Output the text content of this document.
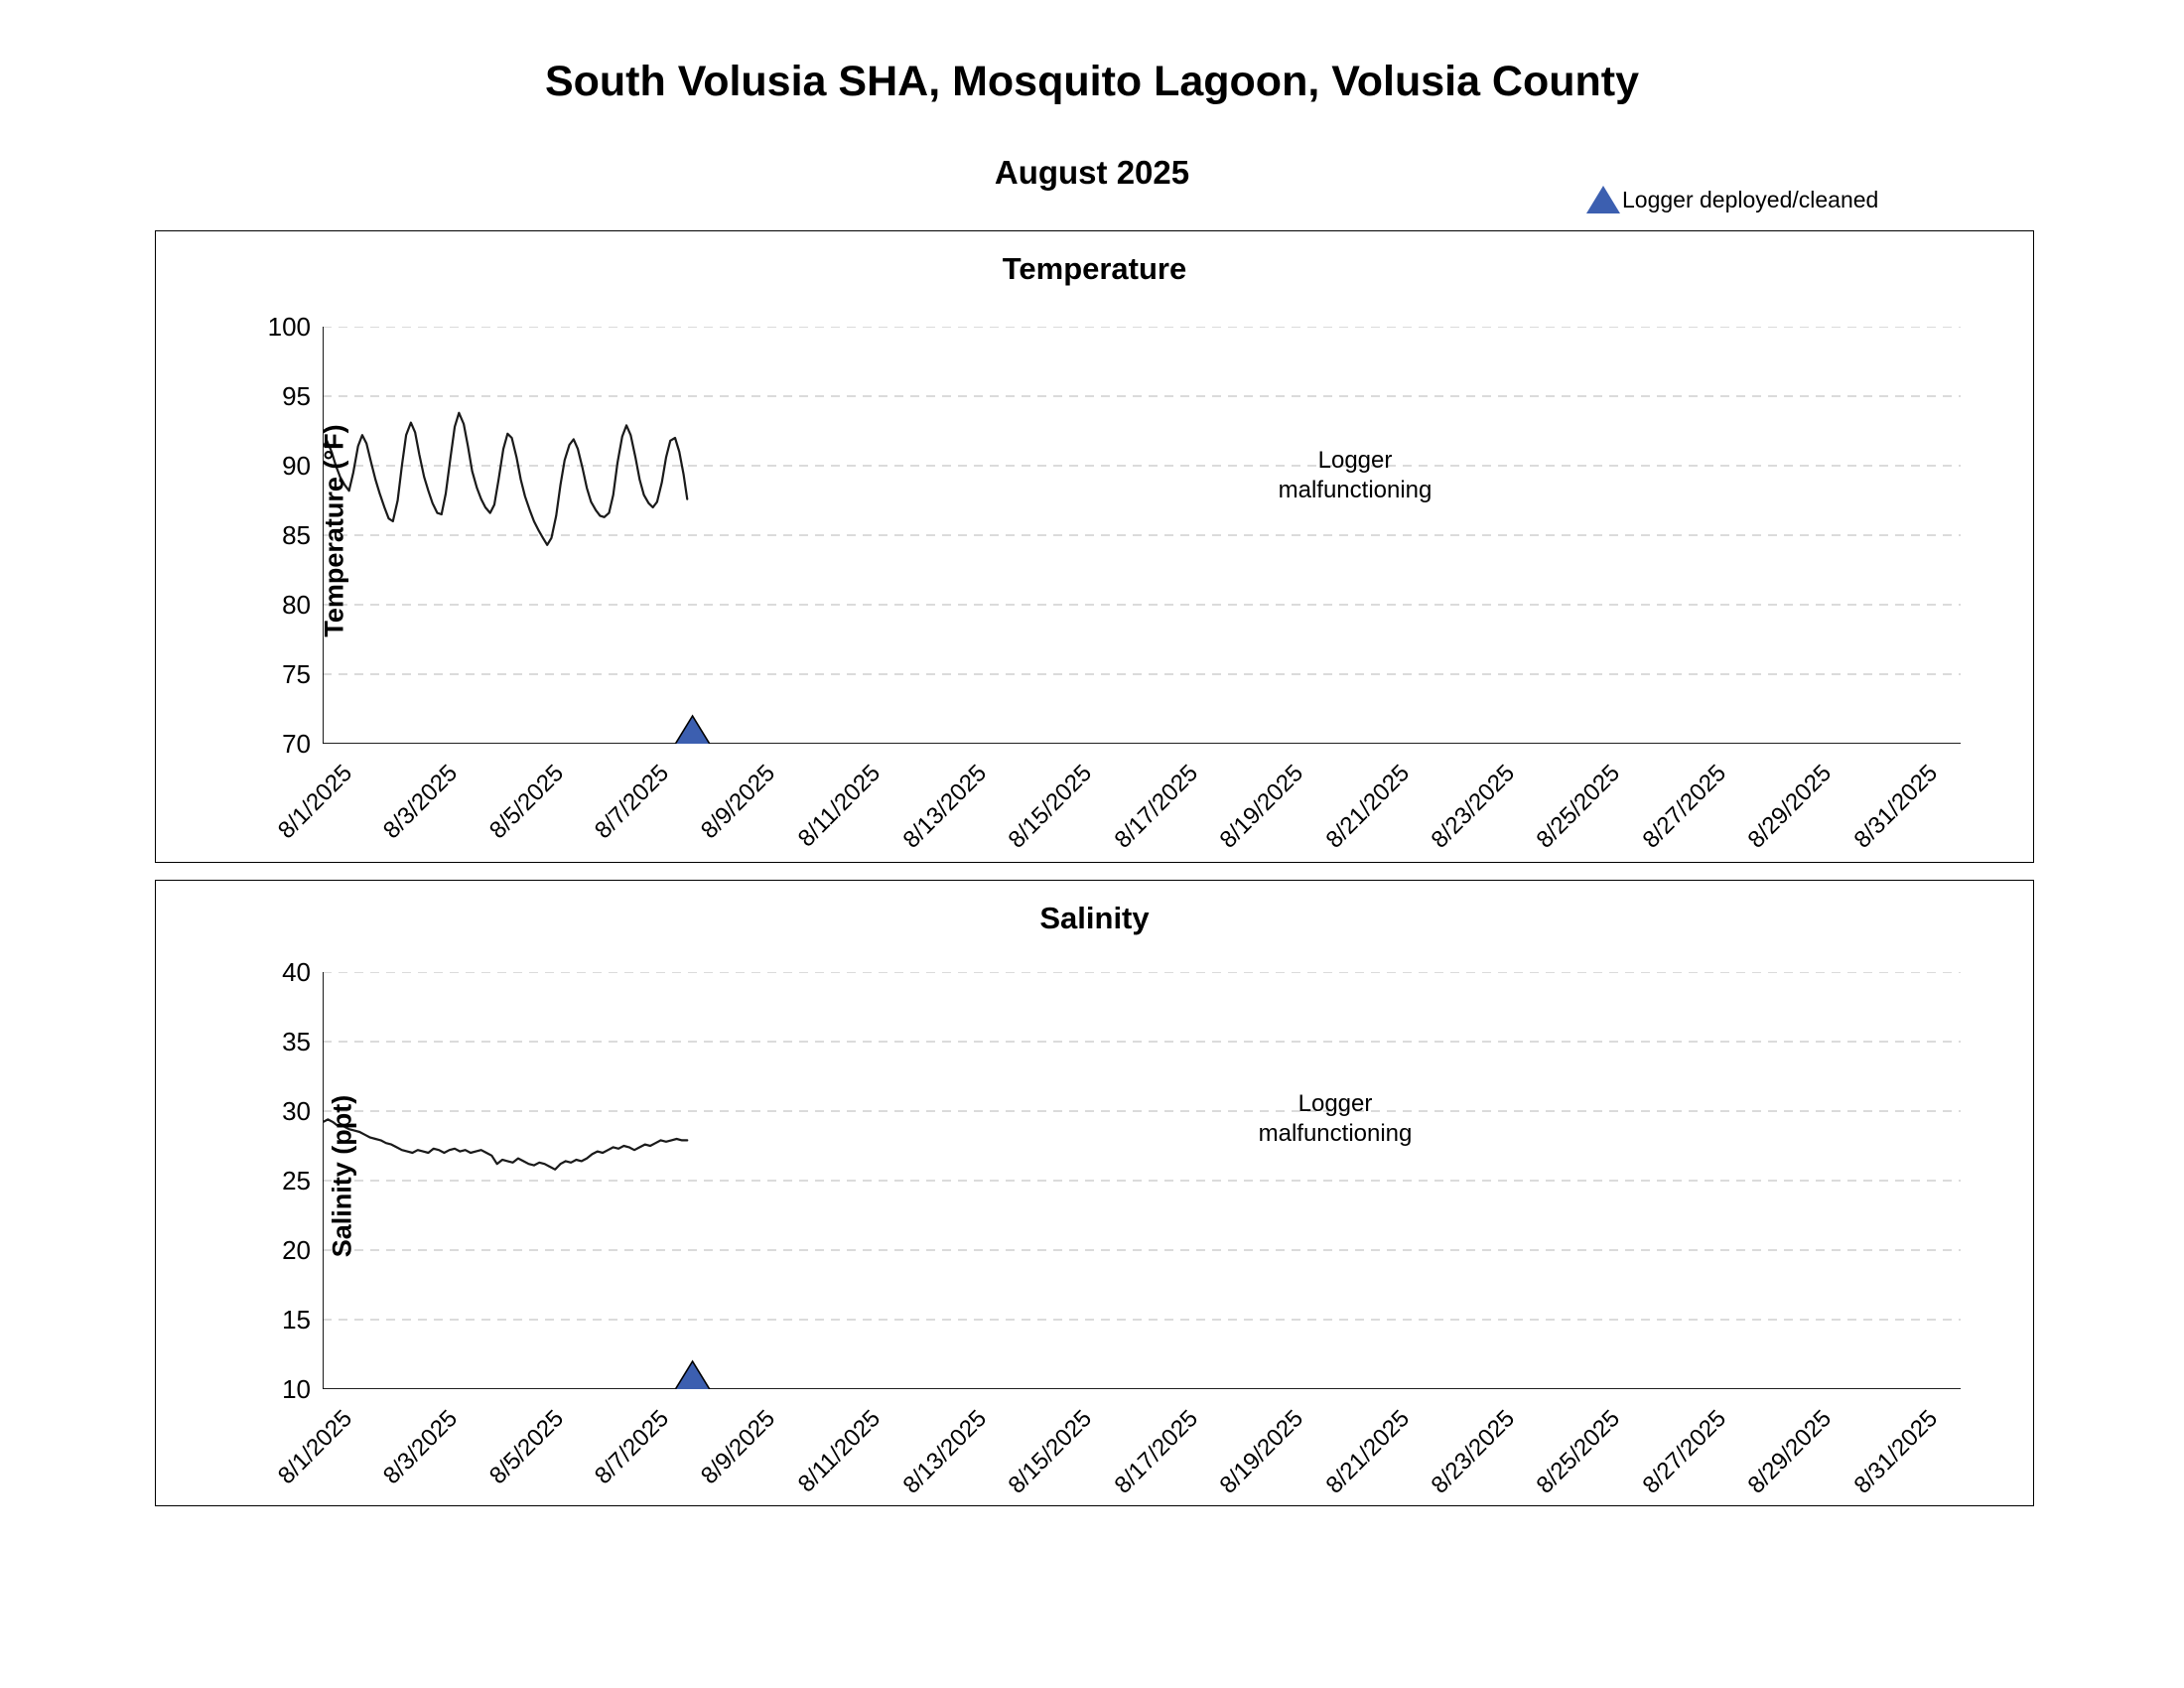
South Volusia SHA, Mosquito Lagoon, Volusia County
August 2025
Logger deployed/cleaned
Temperature
Temperature (°F)	Logger
malfunctioning
100
95
90
85
80
75
70
8/1/2025 8/3/2025 8/5/2025 8/7/2025 8/9/2025 8/11/2025 8/13/2025 8/15/2025 8/17/2025 8/19/2025 8/21/2025 8/23/2025 8/25/2025 8/27/2025 8/29/2025 8/31/2025
Salinity
Salinity (ppt)	Logger
malfunctioning
40
35
30
25
20
15
10
8/1/2025 8/3/2025 8/5/2025 8/7/2025 8/9/2025 8/11/2025 8/13/2025 8/15/2025 8/17/2025 8/19/2025 8/21/2025 8/23/2025 8/25/2025 8/27/2025 8/29/2025 8/31/2025
